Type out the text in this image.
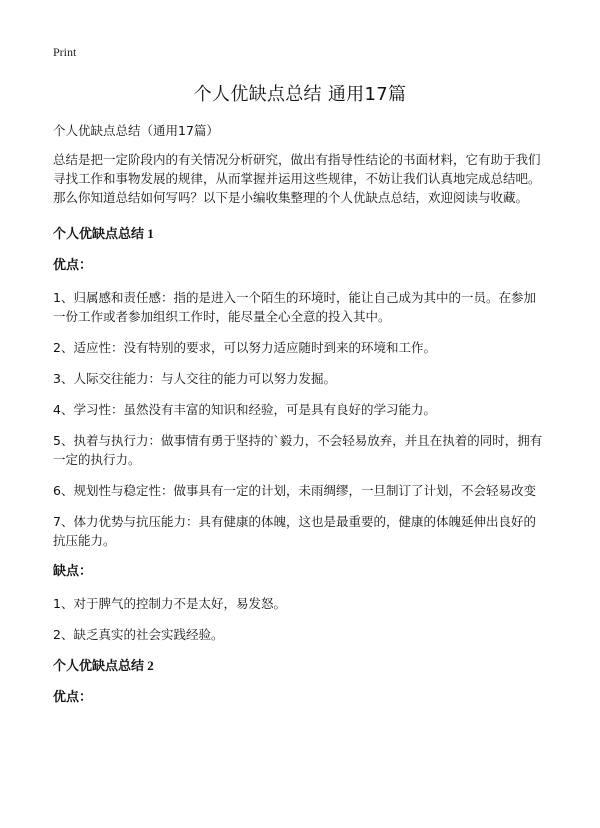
Print
个人优缺点总结 通用17篇

个人优缺点总结（通用17篇）

总结是把一定阶段内的有关情况分析研究，做出有指导性结论的书面材料，它有助于我们寻找工作和事物发展的规律，从而掌握并运用这些规律，不妨让我们认真地完成总结吧。那么你知道总结如何写吗？以下是小编收集整理的个人优缺点总结，欢迎阅读与收藏。

个人优缺点总结 1

优点：

1、归属感和责任感：指的是进入一个陌生的环境时，能让自己成为其中的一员。在参加一份工作或者参加组织工作时，能尽量全心全意的投入其中。

2、适应性：没有特别的要求，可以努力适应随时到来的环境和工作。

3、人际交往能力：与人交往的能力可以努力发掘。

4、学习性：虽然没有丰富的知识和经验，可是具有良好的学习能力。

5、执着与执行力：做事情有勇于坚持的`毅力，不会轻易放弃，并且在执着的同时，拥有一定的执行力。

6、规划性与稳定性：做事具有一定的计划，未雨绸缪，一旦制订了计划，不会轻易改变

7、体力优势与抗压能力：具有健康的体魄，这也是最重要的，健康的体魄延伸出良好的抗压能力。

缺点：

1、对于脾气的控制力不是太好，易发怒。

2、缺乏真实的社会实践经验。

个人优缺点总结 2

优点：
